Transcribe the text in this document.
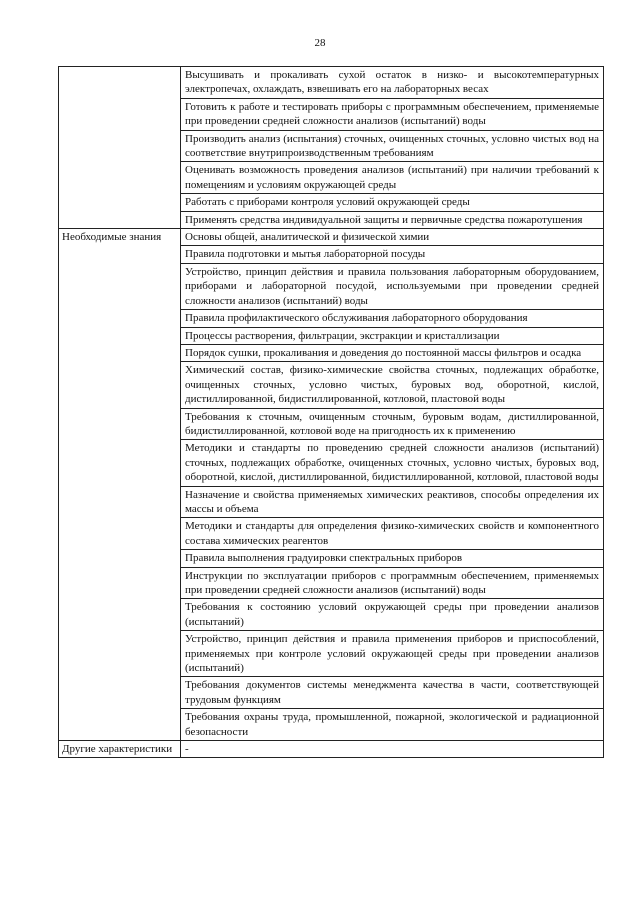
28
	Высушивать и прокаливать сухой остаток в низко- и высокотемпературных электропечах, охлаждать, взвешивать его на лабораторных весах
	Готовить к работе и тестировать приборы с программным обеспечением, применяемые при проведении средней сложности анализов (испытаний) воды
	Производить анализ (испытания) сточных, очищенных сточных, условно чистых вод на соответствие внутрипроизводственным требованиям
	Оценивать возможность проведения анализов (испытаний) при наличии требований к помещениям и условиям окружающей среды
	Работать с приборами контроля условий окружающей среды
	Применять средства индивидуальной защиты и первичные средства пожаротушения
Необходимые знания	Основы общей, аналитической и физической химии
	Правила подготовки и мытья лабораторной посуды
	Устройство, принцип действия и правила пользования лабораторным оборудованием, приборами и лабораторной посудой, используемыми при проведении средней сложности анализов (испытаний) воды
	Правила профилактического обслуживания лабораторного оборудования
	Процессы растворения, фильтрации, экстракции и кристаллизации
	Порядок сушки, прокаливания и доведения до постоянной массы фильтров и осадка
	Химический состав, физико-химические свойства сточных, подлежащих обработке, очищенных сточных, условно чистых, буровых вод, оборотной, кислой, дистиллированной, бидистиллированной, котловой, пластовой воды
	Требования к сточным, очищенным сточным, буровым водам, дистиллированной, бидистиллированной, котловой воде на пригодность их к применению
	Методики и стандарты по проведению средней сложности анализов (испытаний) сточных, подлежащих обработке, очищенных сточных, условно чистых, буровых вод, оборотной, кислой, дистиллированной, бидистиллированной, котловой, пластовой воды
	Назначение и свойства применяемых химических реактивов, способы определения их массы и объема
	Методики и стандарты для определения физико-химических свойств и компонентного состава химических реагентов
	Правила выполнения градуировки спектральных приборов
	Инструкции по эксплуатации приборов с программным обеспечением, применяемых при проведении средней сложности анализов (испытаний) воды
	Требования к состоянию условий окружающей среды при проведении анализов (испытаний)
	Устройство, принцип действия и правила применения приборов и приспособлений, применяемых при контроле условий окружающей среды при проведении анализов (испытаний)
	Требования документов системы менеджмента качества в части, соответствующей трудовым функциям
	Требования охраны труда, промышленной, пожарной, экологической и радиационной безопасности
Другие характеристики	-
